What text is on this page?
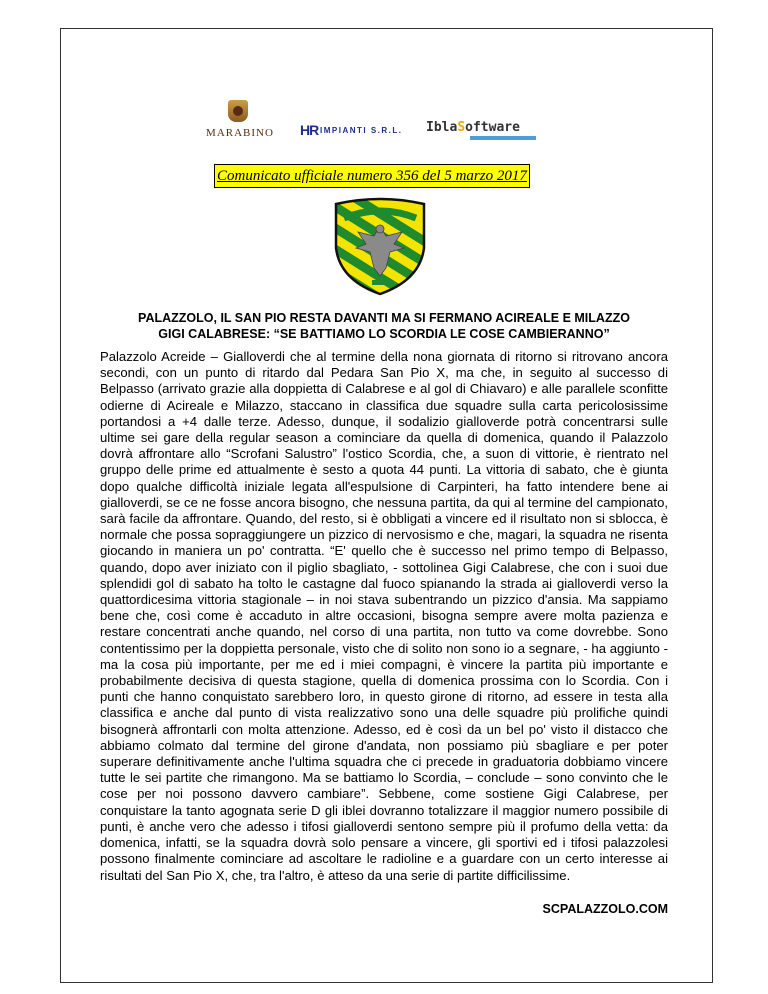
MARABINO HR IMPIANTI S.R.L. IblaSoftware
Comunicato ufficiale numero 356 del 5 marzo 2017
PALAZZOLO, IL SAN PIO RESTA DAVANTI MA SI FERMANO ACIREALE E MILAZZO
GIGI CALABRESE: “SE BATTIAMO LO SCORDIA LE COSE CAMBIERANNO”
Palazzolo Acreide – Gialloverdi che al termine della nona giornata di ritorno si ritrovano ancora secondi, con un punto di ritardo dal Pedara San Pio X, ma che, in seguito al successo di Belpasso (arrivato grazie alla doppietta di Calabrese e al gol di Chiavaro) e alle parallele sconfitte odierne di Acireale e Milazzo, staccano in classifica due squadre sulla carta pericolosissime portandosi a +4 dalle terze. Adesso, dunque, il sodalizio gialloverde potrà concentrarsi sulle ultime sei gare della regular season a cominciare da quella di domenica, quando il Palazzolo dovrà affrontare allo “Scrofani Salustro” l'ostico Scordia, che, a suon di vittorie, è rientrato nel gruppo delle prime ed attualmente è sesto a quota 44 punti. La vittoria di sabato, che è giunta dopo qualche difficoltà iniziale legata all'espulsione di Carpinteri, ha fatto intendere bene ai gialloverdi, se ce ne fosse ancora bisogno, che nessuna partita, da qui al termine del campionato, sarà facile da affrontare. Quando, del resto, si è obbligati a vincere ed il risultato non si sblocca, è normale che possa sopraggiungere un pizzico di nervosismo e che, magari, la squadra ne risenta giocando in maniera un po' contratta. “E' quello che è successo nel primo tempo di Belpasso, quando, dopo aver iniziato con il piglio sbagliato, - sottolinea Gigi Calabrese, che con i suoi due splendidi gol di sabato ha tolto le castagne dal fuoco spianando la strada ai gialloverdi verso la quattordicesima vittoria stagionale – in noi stava subentrando un pizzico d'ansia. Ma sappiamo bene che, così come è accaduto in altre occasioni, bisogna sempre avere molta pazienza e restare concentrati anche quando, nel corso di una partita, non tutto va come dovrebbe. Sono contentissimo per la doppietta personale, visto che di solito non sono io a segnare, - ha aggiunto - ma la cosa più importante, per me ed i miei compagni, è vincere la partita più importante e probabilmente decisiva di questa stagione, quella di domenica prossima con lo Scordia. Con i punti che hanno conquistato sarebbero loro, in questo girone di ritorno, ad essere in testa alla classifica e anche dal punto di vista realizzativo sono una delle squadre più prolifiche quindi bisognerà affrontarli con molta attenzione. Adesso, ed è così da un bel po' visto il distacco che abbiamo colmato dal termine del girone d'andata, non possiamo più sbagliare e per poter superare definitivamente anche l'ultima squadra che ci precede in graduatoria dobbiamo vincere tutte le sei partite che rimangono. Ma se battiamo lo Scordia, – conclude – sono convinto che le cose per noi possono davvero cambiare”. Sebbene, come sostiene Gigi Calabrese, per conquistare la tanto agognata serie D gli iblei dovranno totalizzare il maggior numero possibile di punti, è anche vero che adesso i tifosi gialloverdi sentono sempre più il profumo della vetta: da domenica, infatti, se la squadra dovrà solo pensare a vincere, gli sportivi ed i tifosi palazzolesi possono finalmente cominciare ad ascoltare le radioline e a guardare con un certo interesse ai risultati del San Pio X, che, tra l'altro, è atteso da una serie di partite difficilissime.
SCPALAZZOLO.COM
